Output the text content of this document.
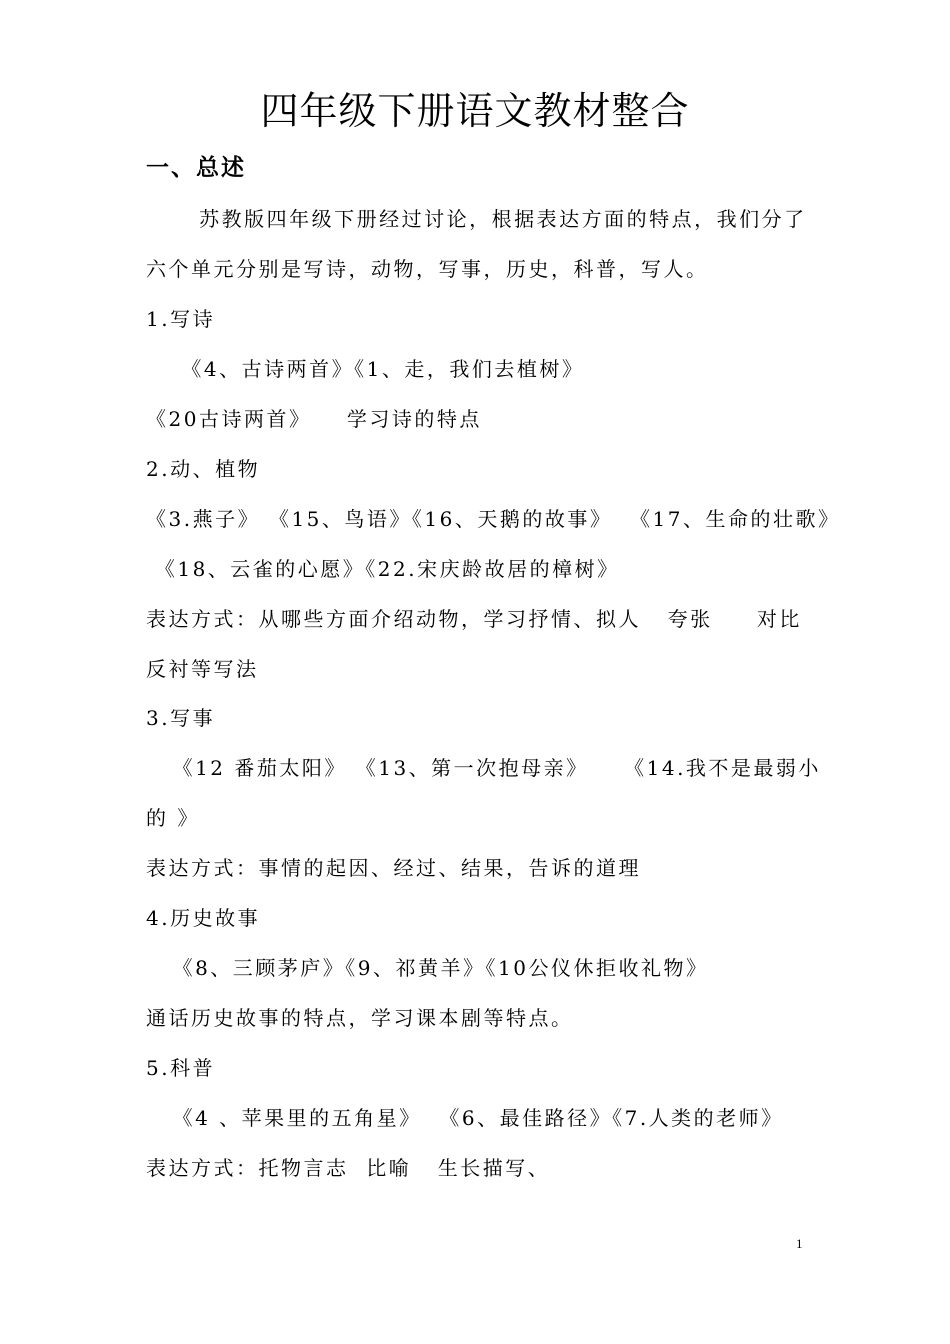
四年级下册语文教材整合
一、总述
苏教版四年级下册经过讨论，根据表达方面的特点，我们分了
六个单元分别是写诗，动物，写事，历史，科普，写人。
1.写诗
《4、古诗两首》《1、走，我们去植树》
《20古诗两首》    学习诗的特点
2.动、植物
《3.燕子》 《15、鸟语》《16、天鹅的故事》  《17、生命的壮歌》
《18、云雀的心愿》《22.宋庆龄故居的樟树》
表达方式：从哪些方面介绍动物，学习抒情、拟人   夸张     对比
反衬等写法
3.写事
《12 番茄太阳》 《13、第一次抱母亲》    《14.我不是最弱小
的 》
表达方式：事情的起因、经过、结果，告诉的道理
4.历史故事
《8、三顾茅庐》《9、祁黄羊》《10公仪休拒收礼物》
通话历史故事的特点，学习课本剧等特点。
5.科普
《4 、苹果里的五角星》  《6、最佳路径》《7.人类的老师》
表达方式：托物言志  比喻   生长描写、
1
